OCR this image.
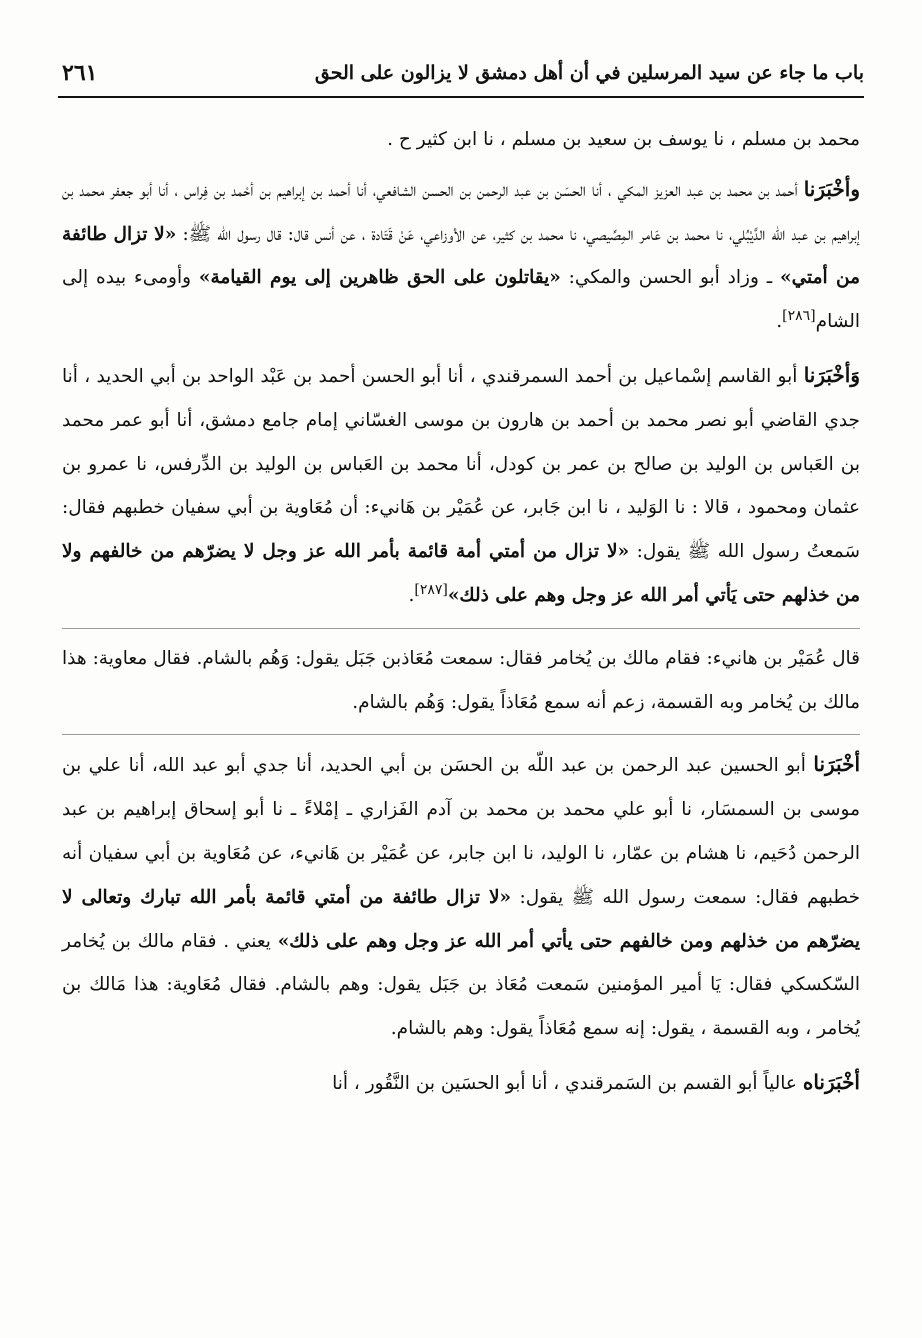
باب ما جاء عن سيد المرسلين في أن أهل دمشق لا يزالون على الحق
٢٦١

محمد بن مسلم ، نا يوسف بن سعيد بن مسلم ، نا ابن كثير ح .

وأخْبَرَنا أحمد بن محمد بن عبد العزيز المكي ، أنا الحسَن بن عبد الرحمن بن الحسن الشافعي، أنا أحمد بن إبراهيم بن أحْمد بن فِراس ، أنا أبو جعفر محمد بن إبراهيم بن عبد الله الدَّيْبُلي، نا محمد بن عَامر المِصِّيصي، نا محمد بن كثير، عن الأوزاعي، عَنْ قَتَادة ، عن أنس قال: قال رسول الله ﷺ: «لا تزال طائفة من أمتي» ـ وزاد أبو الحسن والمكي: «يقاتلون على الحق ظاهرين إلى يوم القيامة» وأومىء بيده إلى الشام[٢٨٦].

وَأخْبَرَنا أبو القاسم إسْماعيل بن أحمد السمرقندي ، أنا أبو الحسن أحمد بن عَبْد الواحد بن أبي الحديد ، أنا جدي القاضي أبو نصر محمد بن أحمد بن هارون بن موسى الغسّاني إمام جامع دمشق، أنا أبو عمر محمد بن العَباس بن الوليد بن صالح بن عمر بن كودل، أنا محمد بن العَباس بن الوليد بن الدِّرفس، نا عمرو بن عثمان ومحمود ، قالا : نا الوَليد ، نا ابن جَابر، عن عُمَيْر بن هَانيء: أن مُعَاوية بن أبي سفيان خطبهم فقال: سَمعتُ رسول الله ﷺ يقول: «لا تزال من أمتي أمة قائمة بأمر الله عز وجل لا يضرّهم من خالفهم ولا من خذلهم حتى يَأتي أمر الله عز وجل وهم على ذلك»[٢٨٧].

قال عُمَيْر بن هانيء: فقام مالك بن يُخامر فقال: سمعت مُعَاذبن جَبَل يقول: وَهُم بالشام. فقال معاوية: هذا مالك بن يُخامر وبه القسمة، زعم أنه سمع مُعَاذاً يقول: وَهُم بالشام.

أخْبَرَنا أبو الحسين عبد الرحمن بن عبد اللّه بن الحسَن بن أبي الحديد، أنا جدي أبو عبد الله، أنا علي بن موسى بن السمسَار، نا أبو علي محمد بن محمد بن آدم الفَزاري ـ إمْلاءً ـ نا أبو إسحاق إبراهيم بن عبد الرحمن دُحَيم، نا هشام بن عمّار، نا الوليد، نا ابن جابر، عن عُمَيْر بن هَانيء، عن مُعَاوية بن أبي سفيان أنه خطبهم فقال: سمعت رسول الله ﷺ يقول: «لا تزال طائفة من أمتي قائمة بأمر الله تبارك وتعالى لا يضرّهم من خذلهم ومن خالفهم حتى يأتي أمر الله عز وجل وهم على ذلك» يعني . فقام مالك بن يُخامر السّكسكي فقال: يَا أمير المؤمنين سَمعت مُعَاذ بن جَبَل يقول: وهم بالشام. فقال مُعَاوية: هذا مَالك بن يُخامر ، وبه القسمة ، يقول: إنه سمع مُعَاذاً يقول: وهم بالشام.

أخْبَرَناه عالياً أبو القسم بن السَمرقندي ، أنا أبو الحسَين بن النَّقُور ، أنا
